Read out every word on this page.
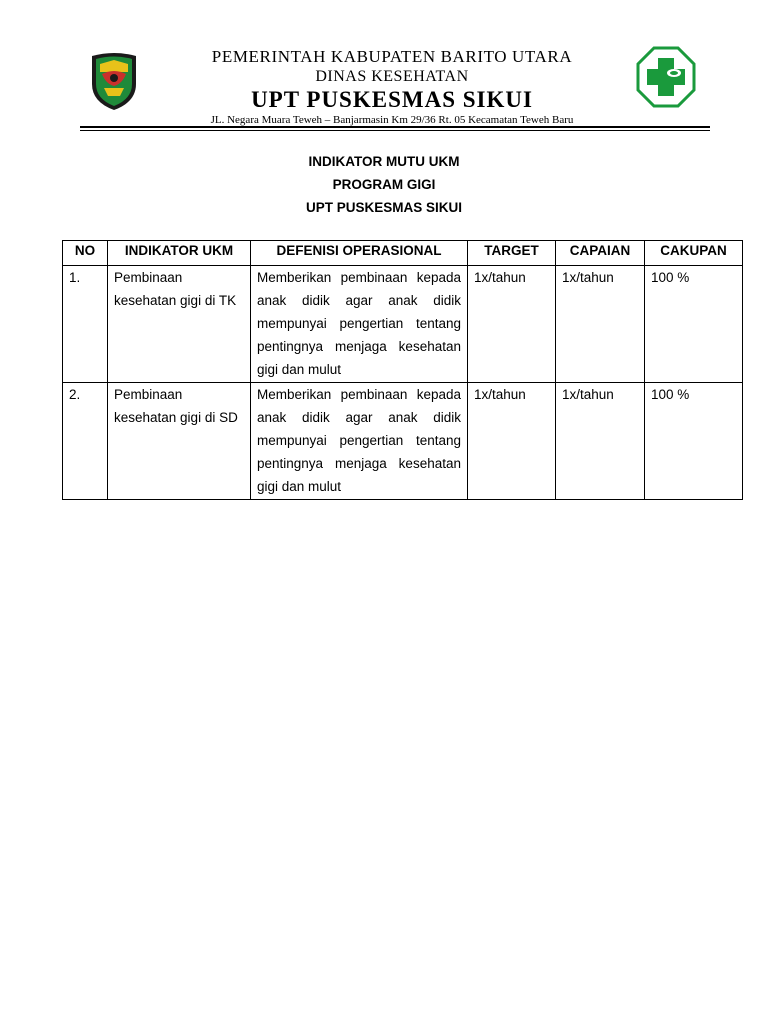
PEMERINTAH KABUPATEN BARITO UTARA
DINAS KESEHATAN
UPT PUSKESMAS SIKUI
JL. Negara Muara Teweh – Banjarmasin Km 29/36 Rt. 05 Kecamatan Teweh Baru
INDIKATOR MUTU UKM
PROGRAM GIGI
UPT PUSKESMAS SIKUI
NO	INDIKATOR UKM	DEFENISI OPERASIONAL	TARGET	CAPAIAN	CAKUPAN
1.	Pembinaan kesehatan gigi di TK	Memberikan pembinaan kepada anak didik agar anak didik mempunyai pengertian tentang pentingnya menjaga kesehatan gigi dan mulut	1x/tahun	1x/tahun	100 %
2.	Pembinaan kesehatan gigi di SD	Memberikan pembinaan kepada anak didik agar anak didik mempunyai pengertian tentang pentingnya menjaga kesehatan gigi dan mulut	1x/tahun	1x/tahun	100 %
